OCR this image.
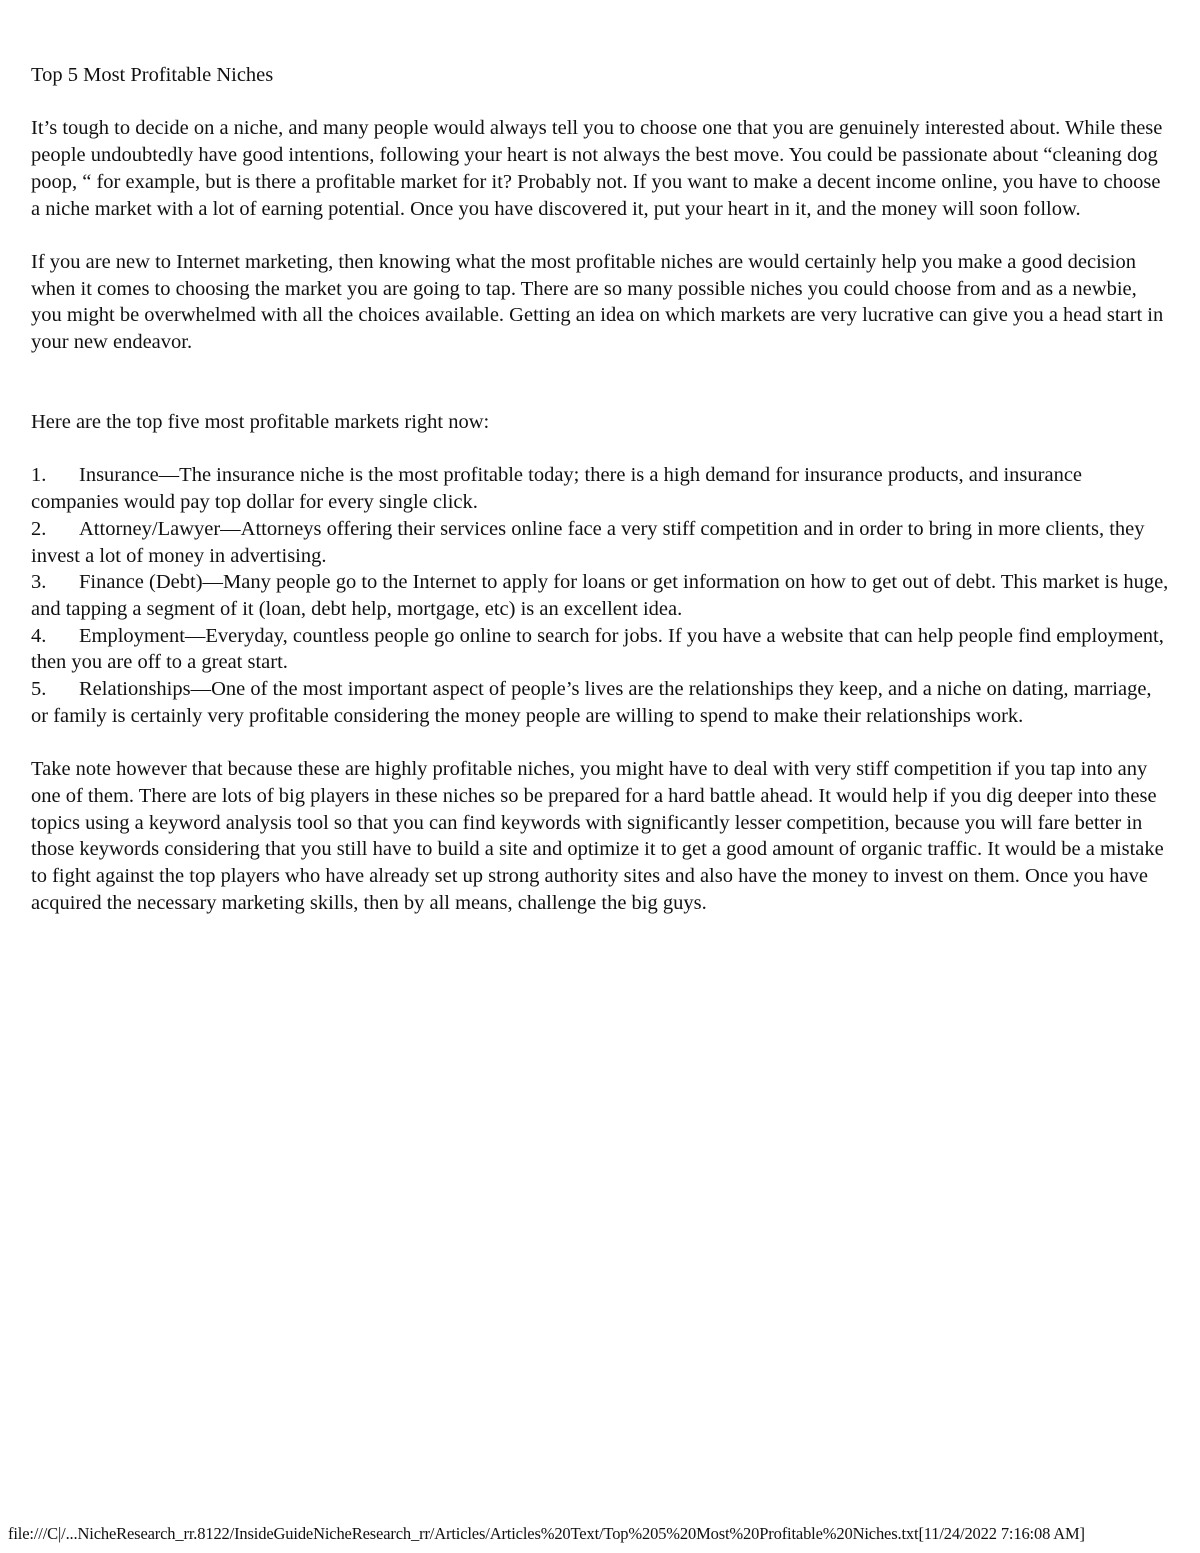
Top 5 Most Profitable Niches

It’s tough to decide on a niche, and many people would always tell you to choose one that you are genuinely interested about. While these people undoubtedly have good intentions, following your heart is not always the best move. You could be passionate about “cleaning dog poop, “ for example, but is there a profitable market for it? Probably not. If you want to make a decent income online, you have to choose a niche market with a lot of earning potential. Once you have discovered it, put your heart in it, and the money will soon follow.

If you are new to Internet marketing, then knowing what the most profitable niches are would certainly help you make a good decision when it comes to choosing the market you are going to tap. There are so many possible niches you could choose from and as a newbie, you might be overwhelmed with all the choices available. Getting an idea on which markets are very lucrative can give you a head start in your new endeavor.

Here are the top five most profitable markets right now:

1. Insurance—The insurance niche is the most profitable today; there is a high demand for insurance products, and insurance companies would pay top dollar for every single click.
2. Attorney/Lawyer—Attorneys offering their services online face a very stiff competition and in order to bring in more clients, they invest a lot of money in advertising.
3. Finance (Debt)—Many people go to the Internet to apply for loans or get information on how to get out of debt. This market is huge, and tapping a segment of it (loan, debt help, mortgage, etc) is an excellent idea.
4. Employment—Everyday, countless people go online to search for jobs. If you have a website that can help people find employment, then you are off to a great start.
5. Relationships—One of the most important aspect of people’s lives are the relationships they keep, and a niche on dating, marriage, or family is certainly very profitable considering the money people are willing to spend to make their relationships work.

Take note however that because these are highly profitable niches, you might have to deal with very stiff competition if you tap into any one of them. There are lots of big players in these niches so be prepared for a hard battle ahead. It would help if you dig deeper into these topics using a keyword analysis tool so that you can find keywords with significantly lesser competition, because you will fare better in those keywords considering that you still have to build a site and optimize it to get a good amount of organic traffic. It would be a mistake to fight against the top players who have already set up strong authority sites and also have the money to invest on them. Once you have acquired the necessary marketing skills, then by all means, challenge the big guys.

file:///C|/...NicheResearch_rr.8122/InsideGuideNicheResearch_rr/Articles/Articles%20Text/Top%205%20Most%20Profitable%20Niches.txt[11/24/2022 7:16:08 AM]
